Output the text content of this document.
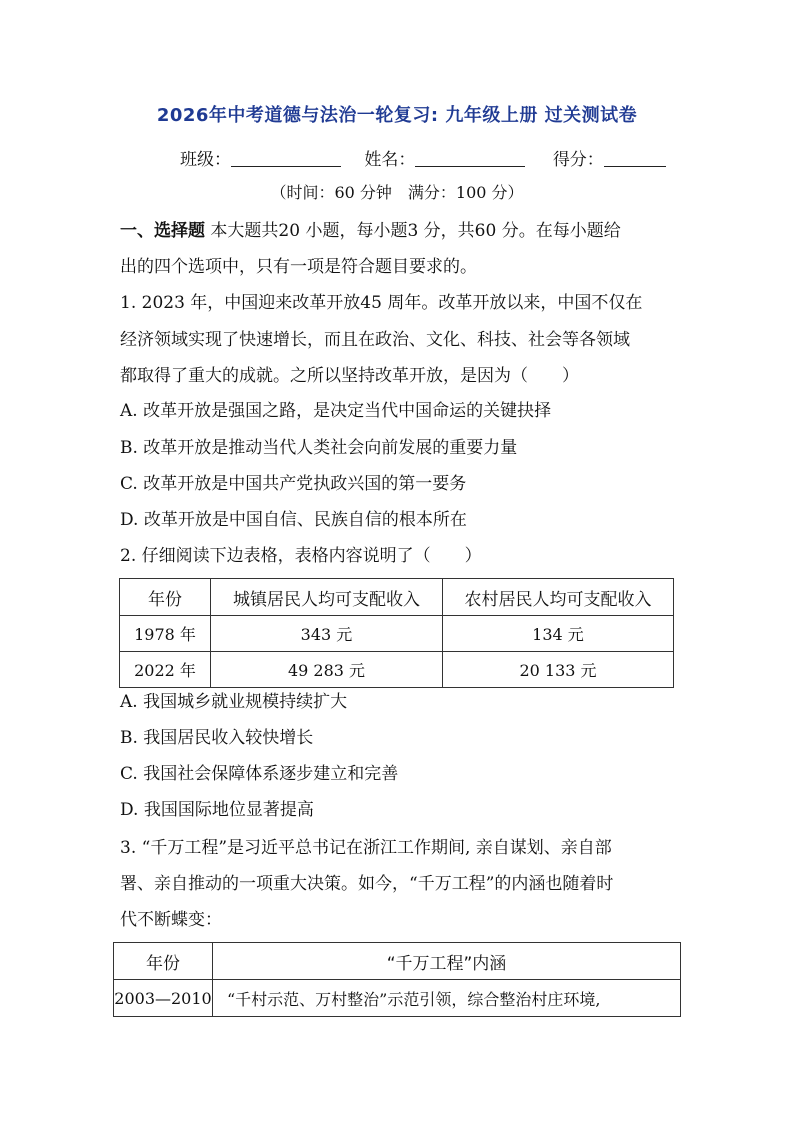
2026年中考道德与法治一轮复习: 九年级上册 过关测试卷
班级：	姓名：	得分：
（时间：60 分钟　满分：100 分）
一、选择题 本大题共20 小题，每小题3 分，共60 分。在每小题给
出的四个选项中，只有一项是符合题目要求的。
1. 2023 年，中国迎来改革开放45 周年。改革开放以来，中国不仅在
经济领域实现了快速增长，而且在政治、文化、科技、社会等各领域
都取得了重大的成就。之所以坚持改革开放，是因为（　　）
A. 改革开放是强国之路，是决定当代中国命运的关键抉择
B. 改革开放是推动当代人类社会向前发展的重要力量
C. 改革开放是中国共产党执政兴国的第一要务
D. 改革开放是中国自信、民族自信的根本所在
2. 仔细阅读下边表格，表格内容说明了（　　）
年份	城镇居民人均可支配收入	农村居民人均可支配收入
1978 年	343 元	134 元
2022 年	49 283 元	20 133 元
A. 我国城乡就业规模持续扩大
B. 我国居民收入较快增长
C. 我国社会保障体系逐步建立和完善
D. 我国国际地位显著提高
3. “千万工程”是习近平总书记在浙江工作期间, 亲自谋划、亲自部
署、亲自推动的一项重大决策。如今，“千万工程”的内涵也随着时
代不断蝶变：
年份	“千万工程”内涵
2003—2010	“千村示范、万村整治”示范引领，综合整治村庄环境,
